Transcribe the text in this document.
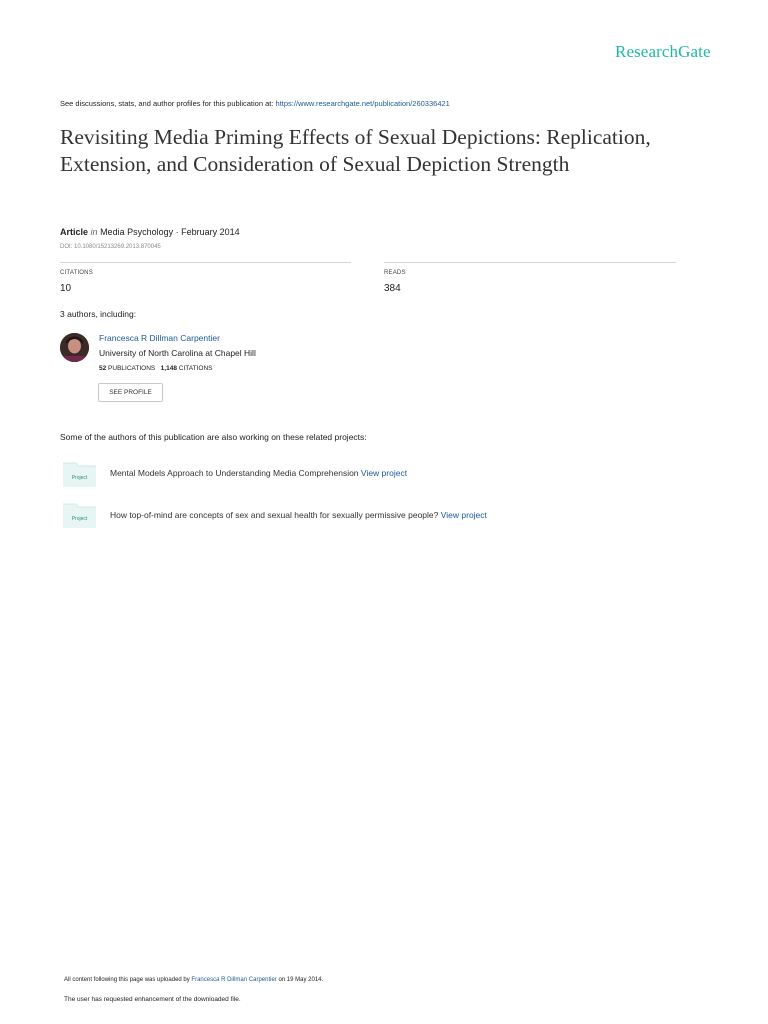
ResearchGate
See discussions, stats, and author profiles for this publication at: https://www.researchgate.net/publication/260336421
Revisiting Media Priming Effects of Sexual Depictions: Replication, Extension, and Consideration of Sexual Depiction Strength
Article in Media Psychology · February 2014
DOI: 10.1080/15213269.2013.870045
CITATIONS
10
READS
384
3 authors, including:
Francesca R Dillman Carpentier
University of North Carolina at Chapel Hill
52 PUBLICATIONS 1,148 CITATIONS
SEE PROFILE
Some of the authors of this publication are also working on these related projects:
Project	Mental Models Approach to Understanding Media Comprehension View project
Project	How top-of-mind are concepts of sex and sexual health for sexually permissive people? View project
All content following this page was uploaded by Francesca R Dillman Carpentier on 19 May 2014.
The user has requested enhancement of the downloaded file.
